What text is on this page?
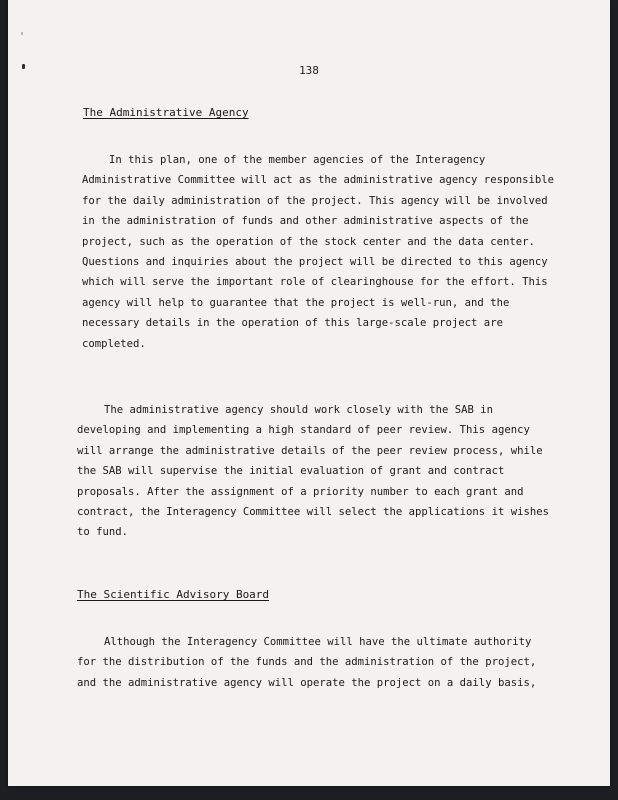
138
The Administrative Agency
In this plan, one of the member agencies of the Interagency
Administrative Committee will act as the administrative agency responsible
for the daily administration of the project. This agency will be involved
in the administration of funds and other administrative aspects of the
project, such as the operation of the stock center and the data center.
Questions and inquiries about the project will be directed to this agency
which will serve the important role of clearinghouse for the effort. This
agency will help to guarantee that the project is well-run, and the
necessary details in the operation of this large-scale project are
completed.
The administrative agency should work closely with the SAB in
developing and implementing a high standard of peer review. This agency
will arrange the administrative details of the peer review process, while
the SAB will supervise the initial evaluation of grant and contract
proposals. After the assignment of a priority number to each grant and
contract, the Interagency Committee will select the applications it wishes
to fund.
The Scientific Advisory Board
Although the Interagency Committee will have the ultimate authority
for the distribution of the funds and the administration of the project,
and the administrative agency will operate the project on a daily basis,
